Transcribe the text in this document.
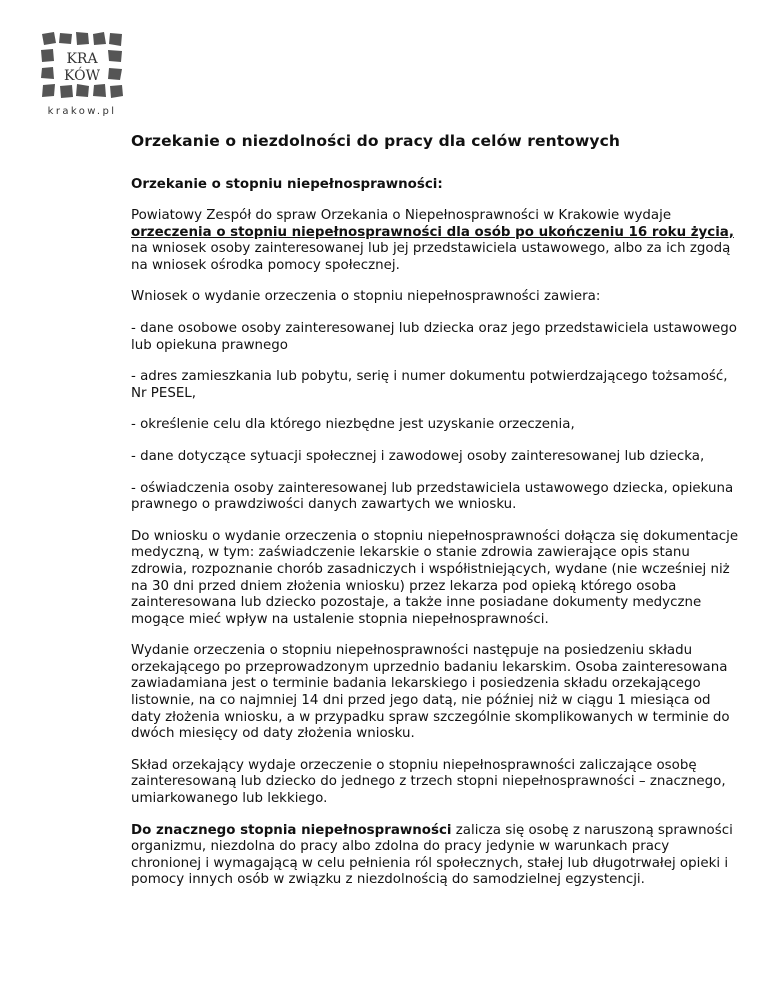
KRA
KÓW
krakow.pl
Orzekanie o niezdolności do pracy dla celów rentowych
Orzekanie o stopniu niepełnosprawności:

Powiatowy Zespół do spraw Orzekania o Niepełnosprawności w Krakowie wydaje orzeczenia o stopniu niepełnosprawności dla osób po ukończeniu 16 roku życia, na wniosek osoby zainteresowanej lub jej przedstawiciela ustawowego, albo za ich zgodą na wniosek ośrodka pomocy społecznej.

Wniosek o wydanie orzeczenia o stopniu niepełnosprawności zawiera:

- dane osobowe osoby zainteresowanej lub dziecka oraz jego przedstawiciela ustawowego lub opiekuna prawnego

- adres zamieszkania lub pobytu, serię i numer dokumentu potwierdzającego tożsamość, Nr PESEL,

- określenie celu dla którego niezbędne jest uzyskanie orzeczenia,

- dane dotyczące sytuacji społecznej i zawodowej osoby zainteresowanej lub dziecka,

- oświadczenia osoby zainteresowanej lub przedstawiciela ustawowego dziecka, opiekuna prawnego o prawdziwości danych zawartych we wniosku.

Do wniosku o wydanie orzeczenia o stopniu niepełnosprawności dołącza się dokumentacje medyczną, w tym: zaświadczenie lekarskie o stanie zdrowia zawierające opis stanu zdrowia, rozpoznanie chorób zasadniczych i współistniejących, wydane (nie wcześniej niż na 30 dni przed dniem złożenia wniosku) przez lekarza pod opieką którego osoba zainteresowana lub dziecko pozostaje, a także inne posiadane dokumenty medyczne mogące mieć wpływ na ustalenie stopnia niepełnosprawności.

Wydanie orzeczenia o stopniu niepełnosprawności następuje na posiedzeniu składu orzekającego po przeprowadzonym uprzednio badaniu lekarskim. Osoba zainteresowana zawiadamiana jest o terminie badania lekarskiego i posiedzenia składu orzekającego listownie, na co najmniej 14 dni przed jego datą, nie później niż w ciągu 1 miesiąca od daty złożenia wniosku, a w przypadku spraw szczególnie skomplikowanych w terminie do dwóch miesięcy od daty złożenia wniosku.

Skład orzekający wydaje orzeczenie o stopniu niepełnosprawności zaliczające osobę zainteresowaną lub dziecko do jednego z trzech stopni niepełnosprawności – znacznego, umiarkowanego lub lekkiego.

Do znacznego stopnia niepełnosprawności zalicza się osobę z naruszoną sprawności organizmu, niezdolna do pracy albo zdolna do pracy jedynie w warunkach pracy chronionej i wymagającą w celu pełnienia ról społecznych, stałej lub długotrwałej opieki i pomocy innych osób w związku z niezdolnością do samodzielnej egzystencji.
